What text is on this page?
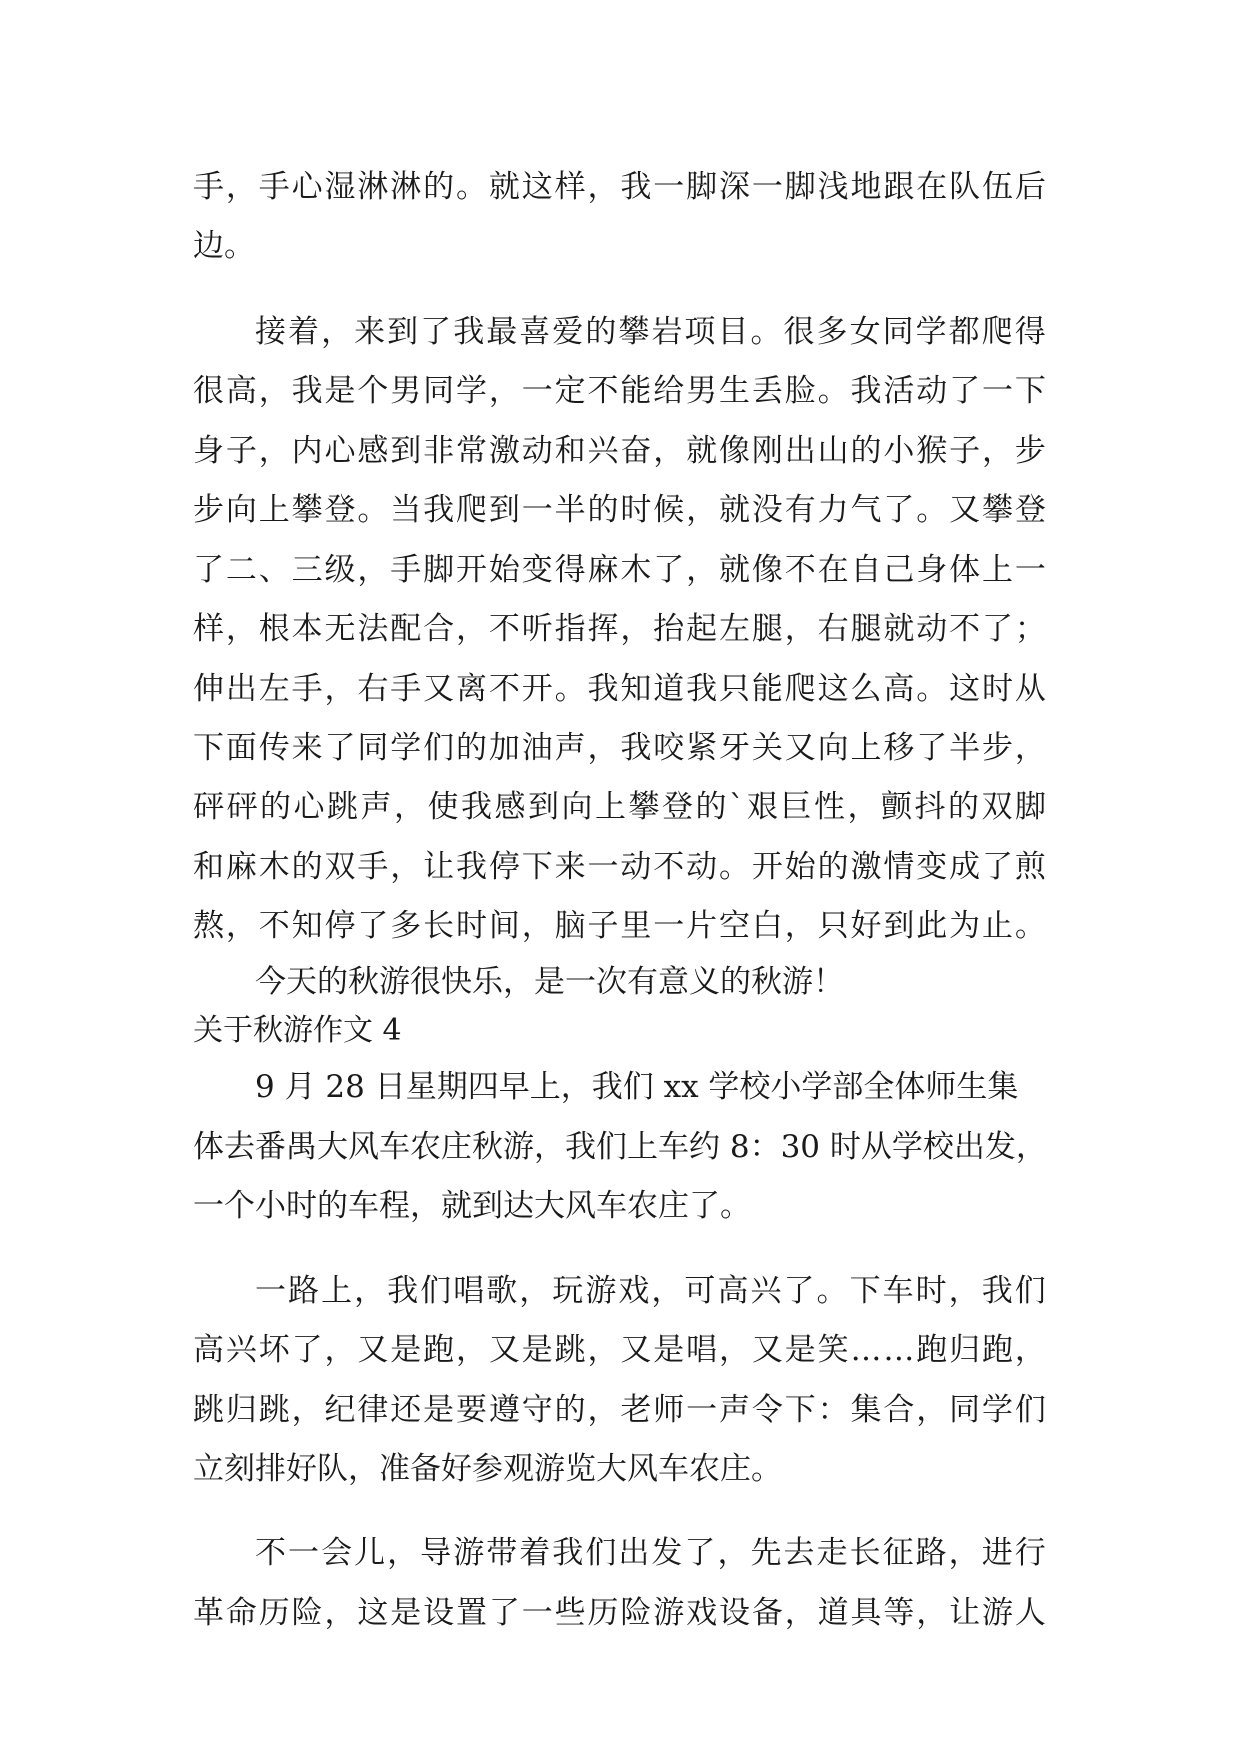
手 ， 手 心 湿 淋 淋 的 。 就 这 样 ， 我 一 脚 深 一 脚 浅 地 跟 在 队 伍 后
边。
接 着 ， 来 到 了 我 最 喜 爱 的 攀 岩 项 目 。 很 多 女 同 学 都 爬 得
很 高 ， 我 是 个 男 同 学 ， 一 定 不 能 给 男 生 丢 脸 。 我 活 动 了 一 下
身 子 ， 内 心 感 到 非 常 激 动 和 兴 奋 ， 就 像 刚 出 山 的 小 猴 子 ， 步
步 向 上 攀 登 。 当 我 爬 到 一 半 的 时 候 ， 就 没 有 力 气 了 。 又 攀 登
了 二 、 三 级 ， 手 脚 开 始 变 得 麻 木 了 ， 就 像 不 在 自 己 身 体 上 一
样 ， 根 本 无 法 配 合 ， 不 听 指 挥 ， 抬 起 左 腿 ， 右 腿 就 动 不 了 ；
伸 出 左 手 ， 右 手 又 离 不 开 。 我 知 道 我 只 能 爬 这 么 高 。 这 时 从
下 面 传 来 了 同 学 们 的 加 油 声 ， 我 咬 紧 牙 关 又 向 上 移 了 半 步 ，
砰 砰 的 心 跳 声 ， 使 我 感 到 向 上 攀 登 的 ` 艰 巨 性 ， 颤 抖 的 双 脚
和 麻 木 的 双 手 ， 让 我 停 下 来 一 动 不 动 。 开 始 的 激 情 变 成 了 煎
熬 ， 不 知 停 了 多 长 时 间 ， 脑 子 里 一 片 空 白 ， 只 好 到 此 为 止 。
今天的秋游很快乐，是一次有意义的秋游！
关于秋游作文 4
9 月 28 日星期四早上，我们 xx 学校小学部全体师生集
体去番禺大风车农庄秋游，我们上车约 8：30 时从学校出发，
一个小时的车程，就到达大风车农庄了。
一 路 上 ， 我 们 唱 歌 ， 玩 游 戏 ， 可 高 兴 了 。 下 车 时 ， 我 们
高 兴 坏 了 ， 又 是 跑 ， 又 是 跳 ， 又 是 唱 ， 又 是 笑 … … 跑 归 跑 ，
跳 归 跳 ， 纪 律 还 是 要 遵 守 的 ， 老 师 一 声 令 下 ： 集 合 ， 同 学 们
立刻排好队，准备好参观游览大风车农庄。
不 一 会 儿 ， 导 游 带 着 我 们 出 发 了 ， 先 去 走 长 征 路 ， 进 行
革 命 历 险 ， 这 是 设 置 了 一 些 历 险 游 戏 设 备 ， 道 具 等 ， 让 游 人
